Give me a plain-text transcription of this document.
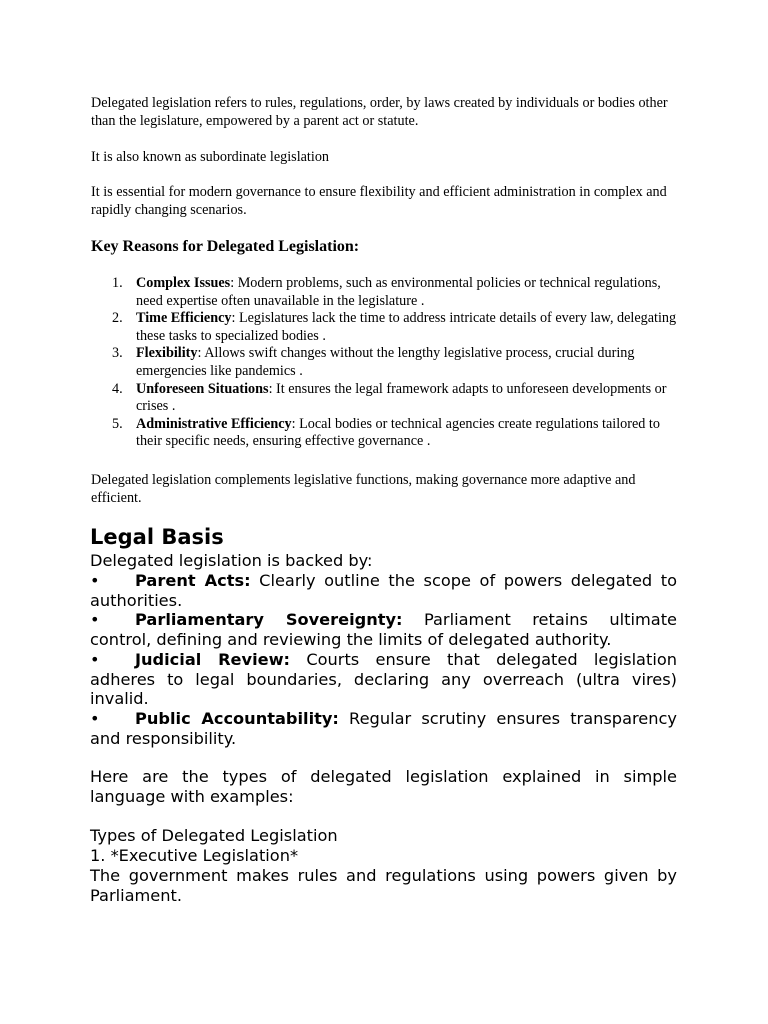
Delegated legislation refers to rules, regulations, order, by laws created by individuals or bodies other than the legislature, empowered by a parent act or statute.

It is also known as subordinate legislation

It is essential for modern governance to ensure flexibility and efficient administration in complex and rapidly changing scenarios.

Key Reasons for Delegated Legislation:
1. Complex Issues: Modern problems, such as environmental policies or technical regulations, need expertise often unavailable in the legislature .
2. Time Efficiency: Legislatures lack the time to address intricate details of every law, delegating these tasks to specialized bodies .
3. Flexibility: Allows swift changes without the lengthy legislative process, crucial during emergencies like pandemics .
4. Unforeseen Situations: It ensures the legal framework adapts to unforeseen developments or crises .
5. Administrative Efficiency: Local bodies or technical agencies create regulations tailored to their specific needs, ensuring effective governance .

Delegated legislation complements legislative functions, making governance more adaptive and efficient.

Legal Basis

Delegated legislation is backed by:

• Parent Acts: Clearly outline the scope of powers delegated to authorities.
• Parliamentary Sovereignty: Parliament retains ultimate control, defining and reviewing the limits of delegated authority.
• Judicial Review: Courts ensure that delegated legislation adheres to legal boundaries, declaring any overreach (ultra vires) invalid.
• Public Accountability: Regular scrutiny ensures transparency and responsibility.

Here are the types of delegated legislation explained in simple language with examples:

Types of Delegated Legislation

1. *Executive Legislation*

The government makes rules and regulations using powers given by Parliament.
